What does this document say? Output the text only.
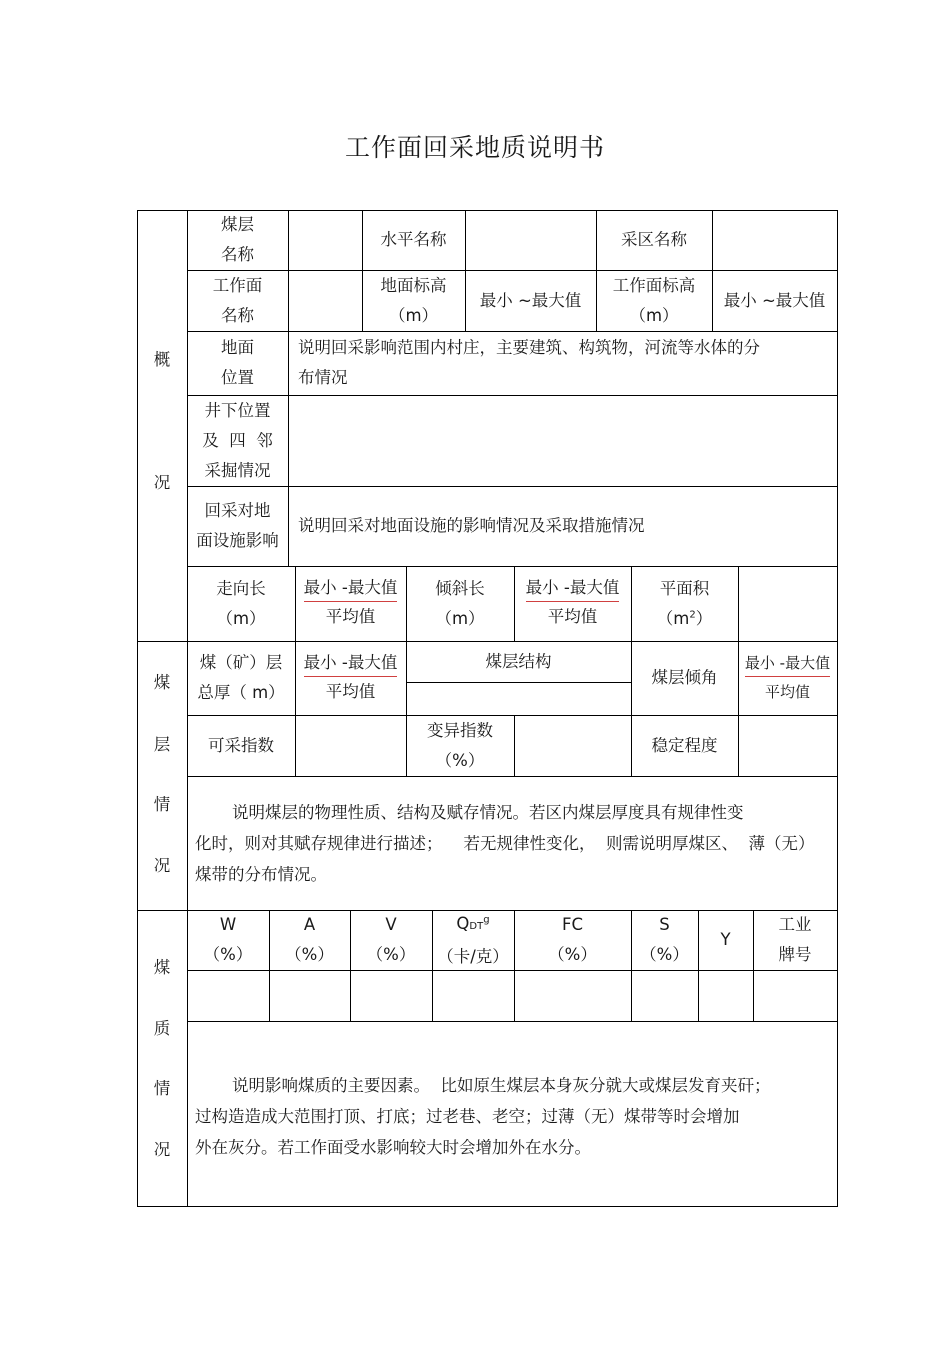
工作面回采地质说明书
概
况
煤
层
情
况
煤
质
情
况
煤层
名称
水平名称	采区名称
工作面
名称
地面标高
（m）
最小 ~最大值
工作面标高
（m）
最小 ~最大值
地面
位置
说明回采影响范围内村庄，主要建筑、构筑物，河流等水体的分
布情况
井下位置
及  四  邻
采掘情况
回采对地
面设施影响
说明回采对地面设施的影响情况及采取措施情况
走向长
（m）
最小 -最大值
平均值
倾斜长
（m）
最小 -最大值
平均值
平面积
$(m^2)$
煤（矿）层
总厚（ m）
最小 -最大值
平均值
煤层结构
煤层倾角
最小 -最大值
平均值
可采指数
变异指数
（%）
稳定程度
说明煤层的物理性质、结构及赋存情况。若区内煤层厚度具有规律性变
化时，则对其赋存规律进行描述；    若无规律性变化，  则需说明厚煤区、  薄（无）
煤带的分布情况。
W
（%）
A
（%）
V
（%）
QDT$^g$
（卡/克）
FC
（%）
S
（%）
Y
工业
牌号
说明影响煤质的主要因素。  比如原生煤层本身灰分就大或煤层发育夹矸；
过构造造成大范围打顶、打底；过老巷、老空；过薄（无）煤带等时会增加
外在灰分。若工作面受水影响较大时会增加外在水分。
